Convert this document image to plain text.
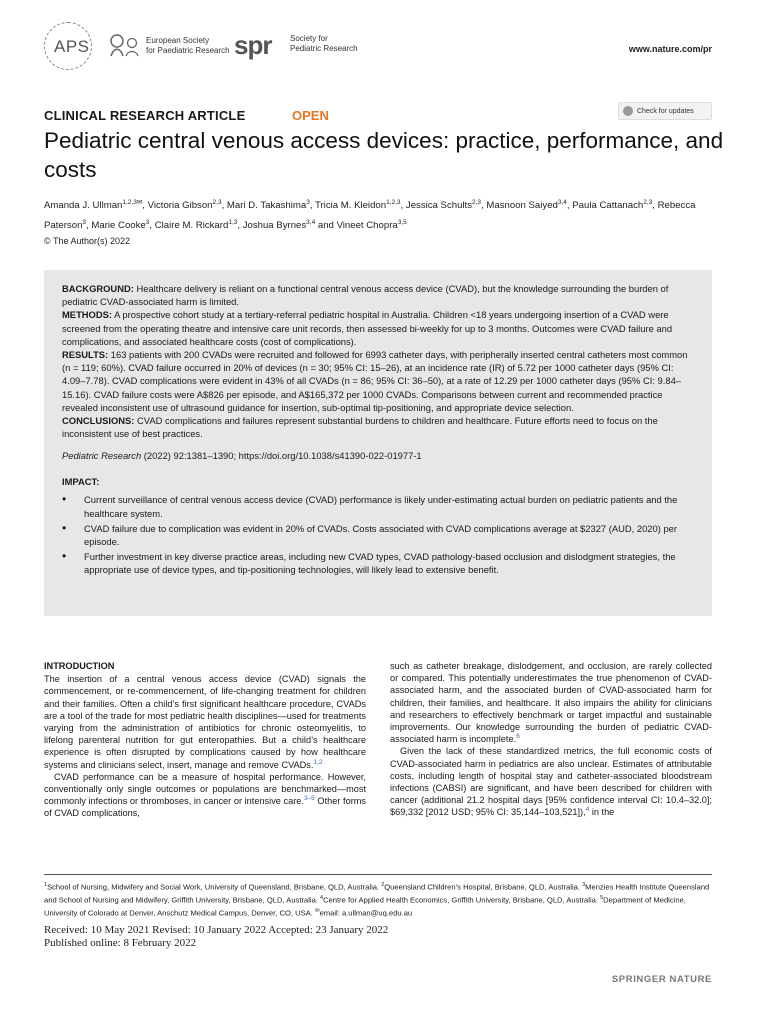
APS	European Society
for Paediatric Research spr Society for
Pediatric Research	www.nature.com/pr
CLINICAL RESEARCH ARTICLE	OPEN	Check for updates
Pediatric central venous access devices: practice, performance, and costs
Amanda J. Ullman$^{1,2,3✉}$, Victoria Gibson$^{2,3}$, Mari D. Takashima$^3$, Tricia M. Kleidon$^{1,2,3}$, Jessica Schults$^{2,3}$, Masnoon Saiyed$^{3,4}$, Paula Cattanach$^{2,3}$, Rebecca Paterson$^3$, Marie Cooke$^3$, Claire M. Rickard$^{1,3}$, Joshua Byrnes$^{3,4}$ and Vineet Chopra$^{3,5}$
© The Author(s) 2022

BACKGROUND: Healthcare delivery is reliant on a functional central venous access device (CVAD), but the knowledge surrounding the burden of pediatric CVAD-associated harm is limited.

METHODS: A prospective cohort study at a tertiary-referral pediatric hospital in Australia. Children <18 years undergoing insertion of a CVAD were screened from the operating theatre and intensive care unit records, then assessed bi-weekly for up to 3 months. Outcomes were CVAD failure and complications, and associated healthcare costs (cost of complications).

RESULTS: 163 patients with 200 CVADs were recruited and followed for 6993 catheter days, with peripherally inserted central catheters most common (n = 119; 60%). CVAD failure occurred in 20% of devices (n = 30; 95% CI: 15–26), at an incidence rate (IR) of 5.72 per 1000 catheter days (95% CI: 4.09–7.78). CVAD complications were evident in 43% of all CVADs (n = 86; 95% CI: 36–50), at a rate of 12.29 per 1000 catheter days (95% CI: 9.84–15.16). CVAD failure costs were A$826 per episode, and A$165,372 per 1000 CVADs. Comparisons between current and recommended practice revealed inconsistent use of ultrasound guidance for insertion, sub-optimal tip-positioning, and appropriate device selection.

CONCLUSIONS: CVAD complications and failures represent substantial burdens to children and healthcare. Future efforts need to focus on the inconsistent use of best practices.

Pediatric Research (2022) 92:1381–1390; https://doi.org/10.1038/s41390-022-01977-1

IMPACT:

• Current surveillance of central venous access device (CVAD) performance is likely under-estimating actual burden on pediatric patients and the healthcare system.
• CVAD failure due to complication was evident in 20% of CVADs. Costs associated with CVAD complications average at $2327 (AUD, 2020) per episode.
• Further investment in key diverse practice areas, including new CVAD types, CVAD pathology-based occlusion and dislodgment strategies, the appropriate use of device types, and tip-positioning technologies, will likely lead to extensive benefit.
INTRODUCTION

The insertion of a central venous access device (CVAD) signals the commencement, or re-commencement, of life-changing treatment for children and their families. Often a child’s first significant healthcare procedure, CVADs are a tool of the trade for most pediatric health disciplines—used for treatments varying from the administration of antibiotics for chronic osteomyelitis, to lifelong parenteral nutrition for gut enteropathies. But a child’s healthcare experience is often disrupted by complications caused by how healthcare systems and clinicians select, insert, manage and remove CVADs.$^{1,2}$

CVAD performance can be a measure of hospital performance. However, conventionally only single outcomes or populations are benchmarked—most commonly infections or thromboses, in cancer or intensive care.$^{3-5}$ Other forms of CVAD complications,

such as catheter breakage, dislodgement, and occlusion, are rarely collected or compared. This potentially underestimates the true phenomenon of CVAD-associated harm, and the associated burden of CVAD-associated harm for children, their families, and healthcare. It also impairs the ability for clinicians and researchers to effectively benchmark or target impactful and sustainable improvements. Our knowledge surrounding the burden of pediatric CVAD-associated harm is incomplete.$^6$

Given the lack of these standardized metrics, the full economic costs of CVAD-associated harm in pediatrics are also unclear. Estimates of attributable costs, including length of hospital stay and catheter-associated bloodstream infections (CABSI) are significant, and have been described for children with cancer (additional 21.2 hospital days [95% confidence interval CI: 10.4–32.0]; $69,332 [2012 USD; 95% CI: 35,144–103,521]),$^4$ in the

$^1$School of Nursing, Midwifery and Social Work, University of Queensland, Brisbane, QLD, Australia. $^2$Queensland Children’s Hospital, Brisbane, QLD, Australia. $^3$Menzies Health Institute Queensland and School of Nursing and Midwifery, Griffith University, Brisbane, QLD, Australia. $^4$Centre for Applied Health Economics, Griffith University, Brisbane, QLD, Australia. $^5$Department of Medicine, University of Colorado at Denver, Anschutz Medical Campus, Denver, CO, USA. ✉email: a.ullman@uq.edu.au
Received: 10 May 2021 Revised: 10 January 2022 Accepted: 23 January 2022
Published online: 8 February 2022
SPRINGER NATURE
